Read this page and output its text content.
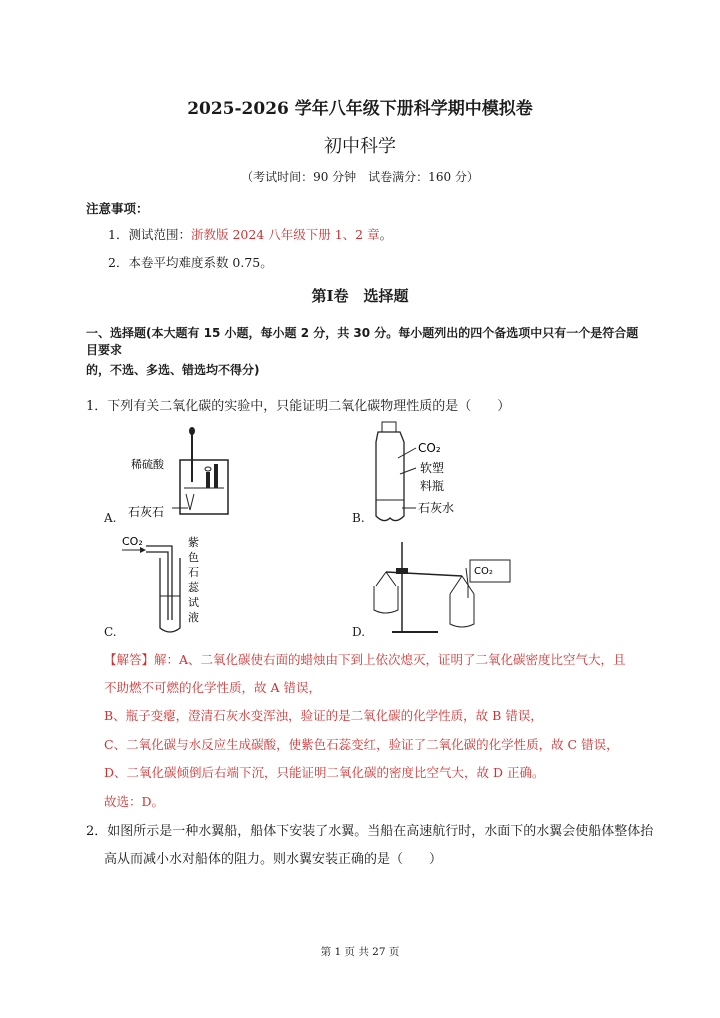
2025-2026 学年八年级下册科学期中模拟卷
初中科学
（考试时间：90 分钟　试卷满分：160 分）
注意事项：
1．测试范围：浙教版 2024 八年级下册 1、2 章。
2．本卷平均难度系数 0.75。
第Ⅰ卷　选择题
一、选择题(本大题有 15 小题，每小题 2 分，共 30 分。每小题列出的四个备选项中只有一个是符合题目要求
的，不选、多选、错选均不得分)
1．下列有关二氧化碳的实验中，只能证明二氧化碳物理性质的是（　　）
稀硫酸
石灰石
A.
CO₂
软塑
料瓶
石灰水
B.
CO₂	紫
色
石
蕊
试
液
C.
CO₂
D.
【解答】解：A、二氧化碳使右面的蜡烛由下到上依次熄灭，证明了二氧化碳密度比空气大，且
不助燃不可燃的化学性质，故 A 错误，
B、瓶子变瘪，澄清石灰水变浑浊，验证的是二氧化碳的化学性质，故 B 错误，
C、二氧化碳与水反应生成碳酸，使紫色石蕊变红，验证了二氧化碳的化学性质，故 C 错误，
D、二氧化碳倾倒后右端下沉，只能证明二氧化碳的密度比空气大，故 D 正确。
故选：D。
2．如图所示是一种水翼船，船体下安装了水翼。当船在高速航行时，水面下的水翼会使船体整体抬
高从而减小水对船体的阻力。则水翼安装正确的是（　　）
第 1 页 共 27 页
